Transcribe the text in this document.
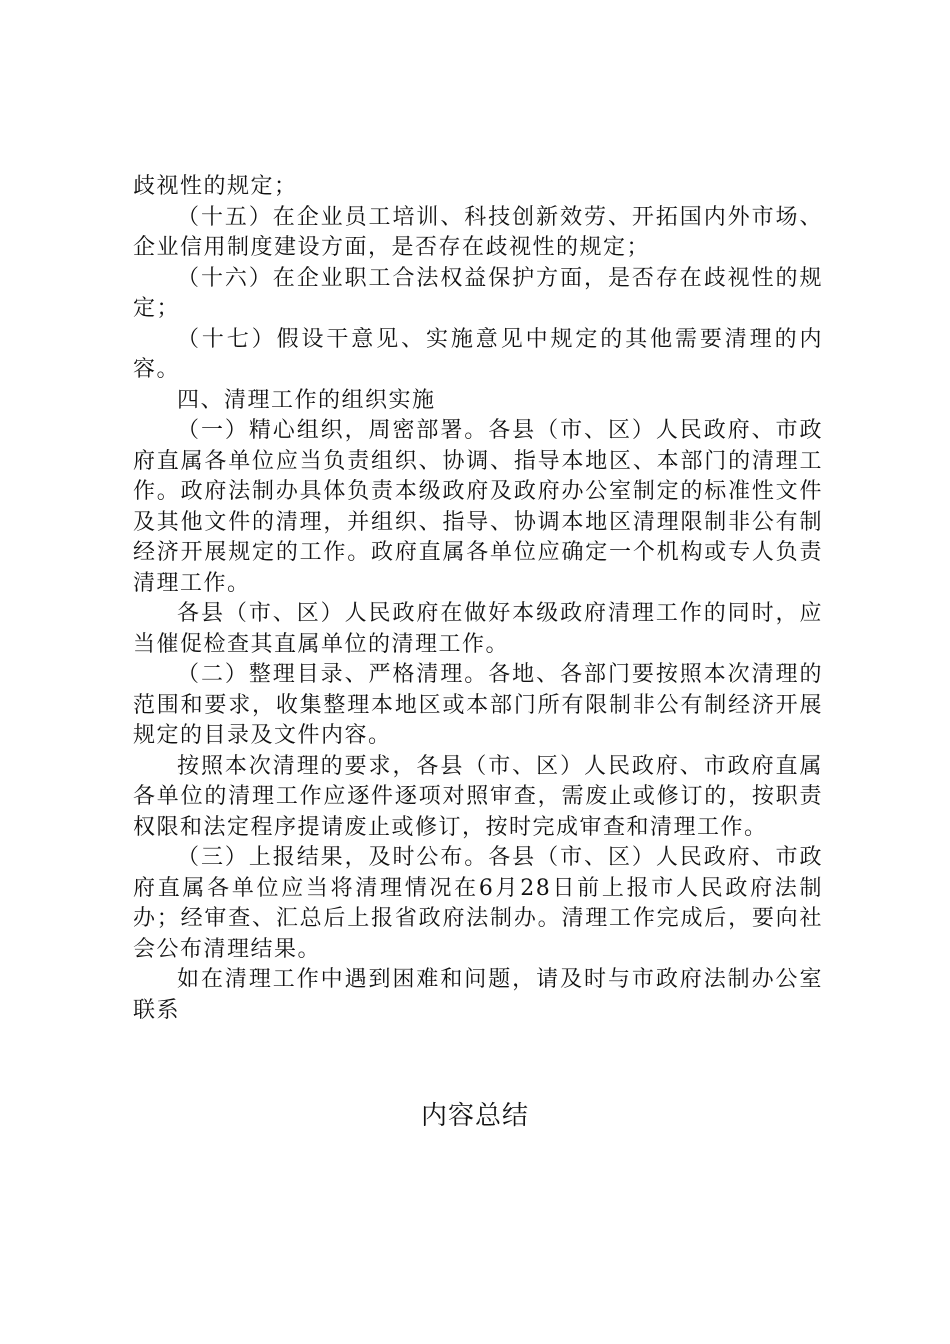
歧视性的规定；

（十五）在企业员工培训、科技创新效劳、开拓国内外市场、企业信用制度建设方面，是否存在歧视性的规定；

（十六）在企业职工合法权益保护方面，是否存在歧视性的规定；

（十七）假设干意见、实施意见中规定的其他需要清理的内容。

四、清理工作的组织实施

（一）精心组织，周密部署。各县（市、区）人民政府、市政府直属各单位应当负责组织、协调、指导本地区、本部门的清理工作。政府法制办具体负责本级政府及政府办公室制定的标准性文件及其他文件的清理，并组织、指导、协调本地区清理限制非公有制经济开展规定的工作。政府直属各单位应确定一个机构或专人负责清理工作。

各县（市、区）人民政府在做好本级政府清理工作的同时，应当催促检查其直属单位的清理工作。

（二）整理目录、严格清理。各地、各部门要按照本次清理的范围和要求，收集整理本地区或本部门所有限制非公有制经济开展规定的目录及文件内容。

按照本次清理的要求，各县（市、区）人民政府、市政府直属各单位的清理工作应逐件逐项对照审查，需废止或修订的，按职责权限和法定程序提请废止或修订，按时完成审查和清理工作。

（三）上报结果，及时公布。各县（市、区）人民政府、市政府直属各单位应当将清理情况在6月28日前上报市人民政府法制办；经审查、汇总后上报省政府法制办。清理工作完成后，要向社会公布清理结果。

如在清理工作中遇到困难和问题，请及时与市政府法制办公室联系

内容总结
